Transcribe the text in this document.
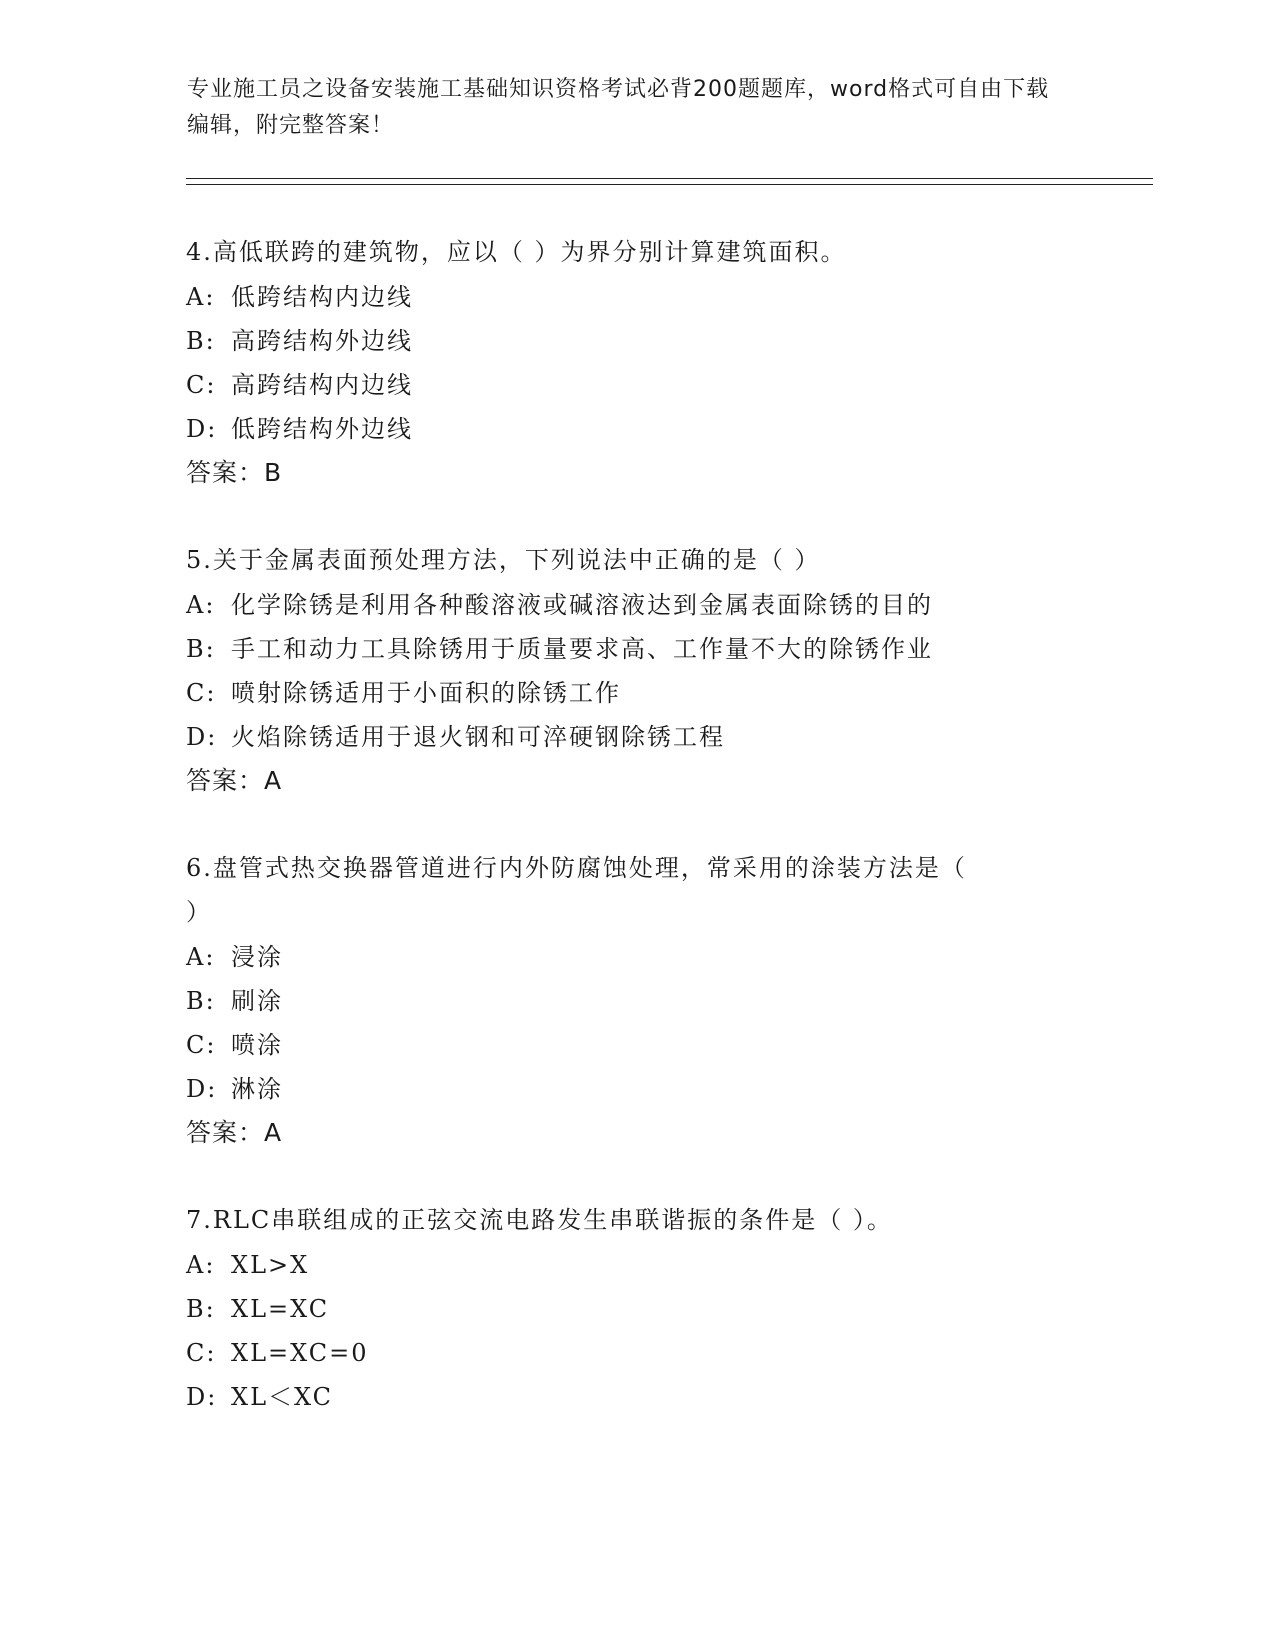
专业施工员之设备安装施工基础知识资格考试必背200题题库，word格式可自由下载编辑，附完整答案！
4.高低联跨的建筑物，应以（ ）为界分别计算建筑面积。
A: 低跨结构内边线
B: 高跨结构外边线
C: 高跨结构内边线
D: 低跨结构外边线
答案：B
5.关于金属表面预处理方法，下列说法中正确的是（ ）
A: 化学除锈是利用各种酸溶液或碱溶液达到金属表面除锈的目的
B: 手工和动力工具除锈用于质量要求高、工作量不大的除锈作业
C: 喷射除锈适用于小面积的除锈工作
D: 火焰除锈适用于退火钢和可淬硬钢除锈工程
答案：A
6.盘管式热交换器管道进行内外防腐蚀处理，常采用的涂装方法是（
）
A: 浸涂
B: 刷涂
C: 喷涂
D: 淋涂
答案：A
7.RLC串联组成的正弦交流电路发生串联谐振的条件是（ ）。
A: XL>X
B: XL=XC
C: XL=XC=0
D: XL＜XC
